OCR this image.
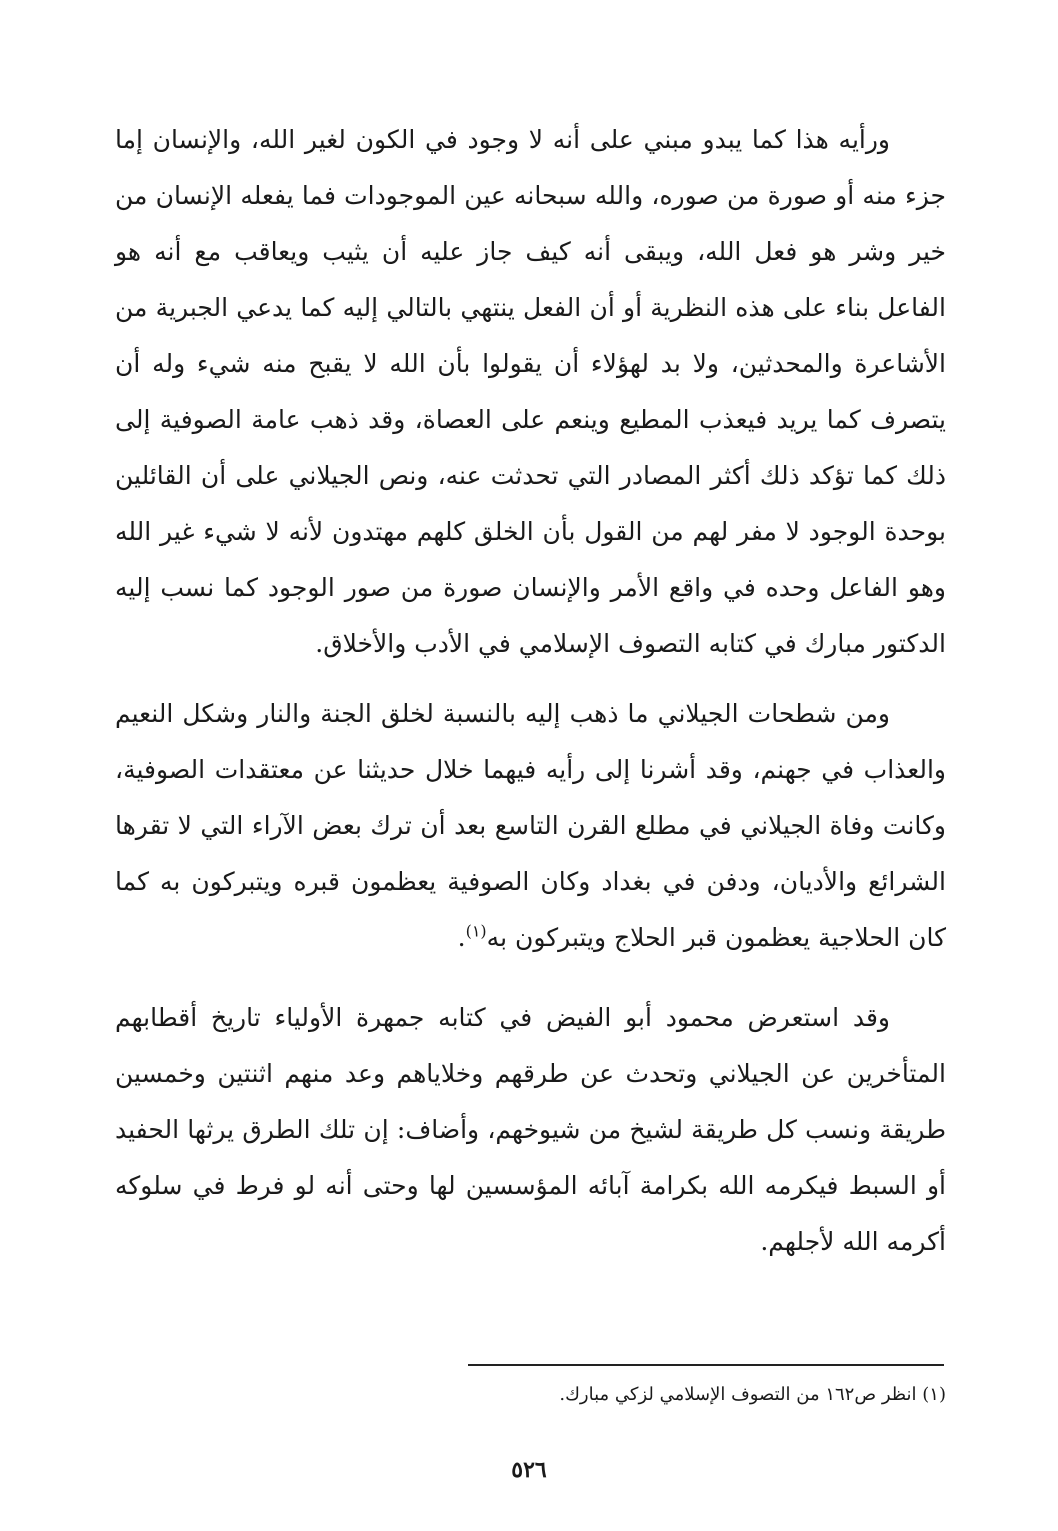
ورأيه هذا كما يبدو مبني على أنه لا وجود في الكون لغير الله، والإنسان إما جزء منه أو صورة من صوره، والله سبحانه عين الموجودات فما يفعله الإنسان من خير وشر هو فعل الله، ويبقى أنه كيف جاز عليه أن يثيب ويعاقب مع أنه هو الفاعل بناء على هذه النظرية أو أن الفعل ينتهي بالتالي إليه كما يدعي الجبرية من الأشاعرة والمحدثين، ولا بد لهؤلاء أن يقولوا بأن الله لا يقبح منه شيء وله أن يتصرف كما يريد فيعذب المطيع وينعم على العصاة، وقد ذهب عامة الصوفية إلى ذلك كما تؤكد ذلك أكثر المصادر التي تحدثت عنه، ونص الجيلاني على أن القائلين بوحدة الوجود لا مفر لهم من القول بأن الخلق كلهم مهتدون لأنه لا شيء غير الله وهو الفاعل وحده في واقع الأمر والإنسان صورة من صور الوجود كما نسب إليه الدكتور مبارك في كتابه التصوف الإسلامي في الأدب والأخلاق.

ومن شطحات الجيلاني ما ذهب إليه بالنسبة لخلق الجنة والنار وشكل النعيم والعذاب في جهنم، وقد أشرنا إلى رأيه فيهما خلال حديثنا عن معتقدات الصوفية، وكانت وفاة الجيلاني في مطلع القرن التاسع بعد أن ترك بعض الآراء التي لا تقرها الشرائع والأديان، ودفن في بغداد وكان الصوفية يعظمون قبره ويتبركون به كما كان الحلاجية يعظمون قبر الحلاج ويتبركون به$^{(١)}$.

وقد استعرض محمود أبو الفيض في كتابه جمهرة الأولياء تاريخ أقطابهم المتأخرين عن الجيلاني وتحدث عن طرقهم وخلاياهم وعد منهم اثنتين وخمسين طريقة ونسب كل طريقة لشيخ من شيوخهم، وأضاف: إن تلك الطرق يرثها الحفيد أو السبط فيكرمه الله بكرامة آبائه المؤسسين لها وحتى أنه لو فرط في سلوكه أكرمه الله لأجلهم.

(١) انظر ص١٦٢ من التصوف الإسلامي لزكي مبارك.
٥٢٦
